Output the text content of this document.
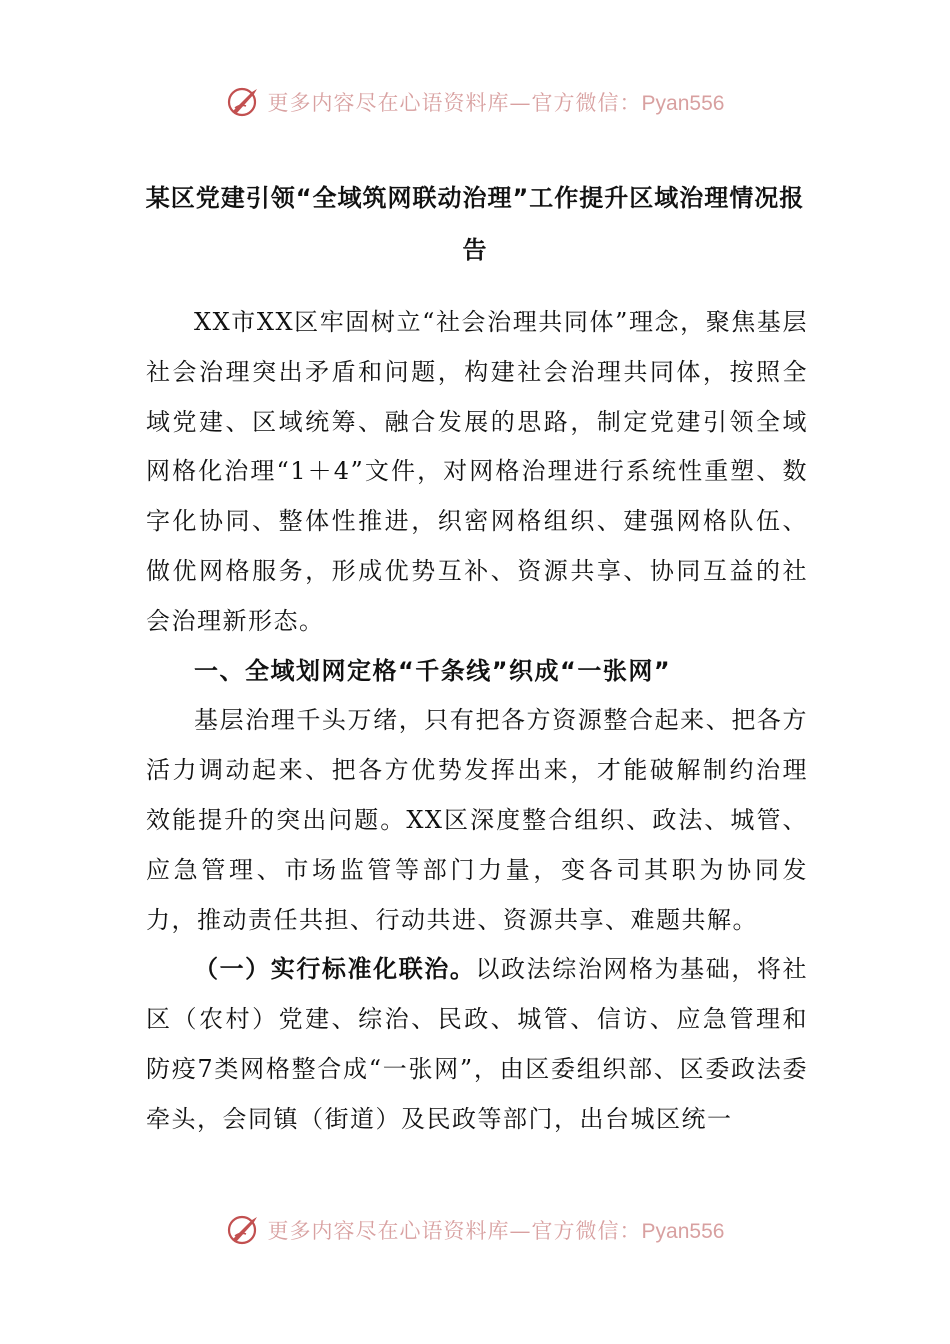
更多内容尽在心语资料库—官方微信：Pyan556
某区党建引领“全域筑网联动治理”工作提升区域治理情况报告

XX市XX区牢固树立“社会治理共同体”理念，聚焦基层社会治理突出矛盾和问题，构建社会治理共同体，按照全域党建、区域统筹、融合发展的思路，制定党建引领全域网格化治理“1＋4”文件，对网格治理进行系统性重塑、数字化协同、整体性推进，织密网格组织、建强网格队伍、做优网格服务，形成优势互补、资源共享、协同互益的社会治理新形态。

一、全域划网定格“千条线”织成“一张网”

基层治理千头万绪，只有把各方资源整合起来、把各方活力调动起来、把各方优势发挥出来，才能破解制约治理效能提升的突出问题。XX区深度整合组织、政法、城管、应急管理、市场监管等部门力量，变各司其职为协同发力，推动责任共担、行动共进、资源共享、难题共解。

（一）实行标准化联治。以政法综治网格为基础，将社区（农村）党建、综治、民政、城管、信访、应急管理和防疫7类网格整合成“一张网”，由区委组织部、区委政法委牵头，会同镇（街道）及民政等部门，出台城区统一

更多内容尽在心语资料库—官方微信：Pyan556
